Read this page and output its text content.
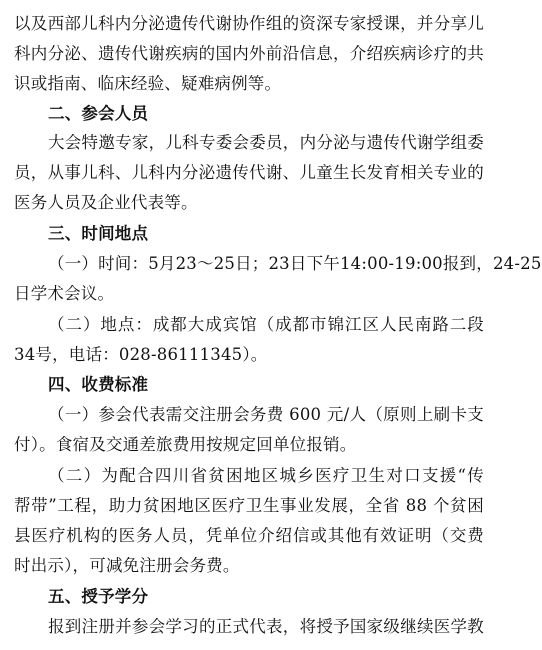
以及西部儿科内分泌遗传代谢协作组的资深专家授课，并分享儿
科内分泌、遗传代谢疾病的国内外前沿信息，介绍疾病诊疗的共
识或指南、临床经验、疑难病例等。
二、参会人员
大会特邀专家，儿科专委会委员，内分泌与遗传代谢学组委
员，从事儿科、儿科内分泌遗传代谢、儿童生长发育相关专业的
医务人员及企业代表等。
三、时间地点
（一）时间：5月23～25日；23日下午14:00-19:00报到，24-25
日学术会议。
（二）地点：成都大成宾馆（成都市锦江区人民南路二段
34号，电话：028-86111345）。
四、收费标准
（一）参会代表需交注册会务费 600 元/人（原则上刷卡支
付）。食宿及交通差旅费用按规定回单位报销。
（二）为配合四川省贫困地区城乡医疗卫生对口支援“传
帮带”工程，助力贫困地区医疗卫生事业发展，全省 88 个贫困
县医疗机构的医务人员，凭单位介绍信或其他有效证明（交费
时出示），可减免注册会务费。
五、授予学分
报到注册并参会学习的正式代表，将授予国家级继续医学教
